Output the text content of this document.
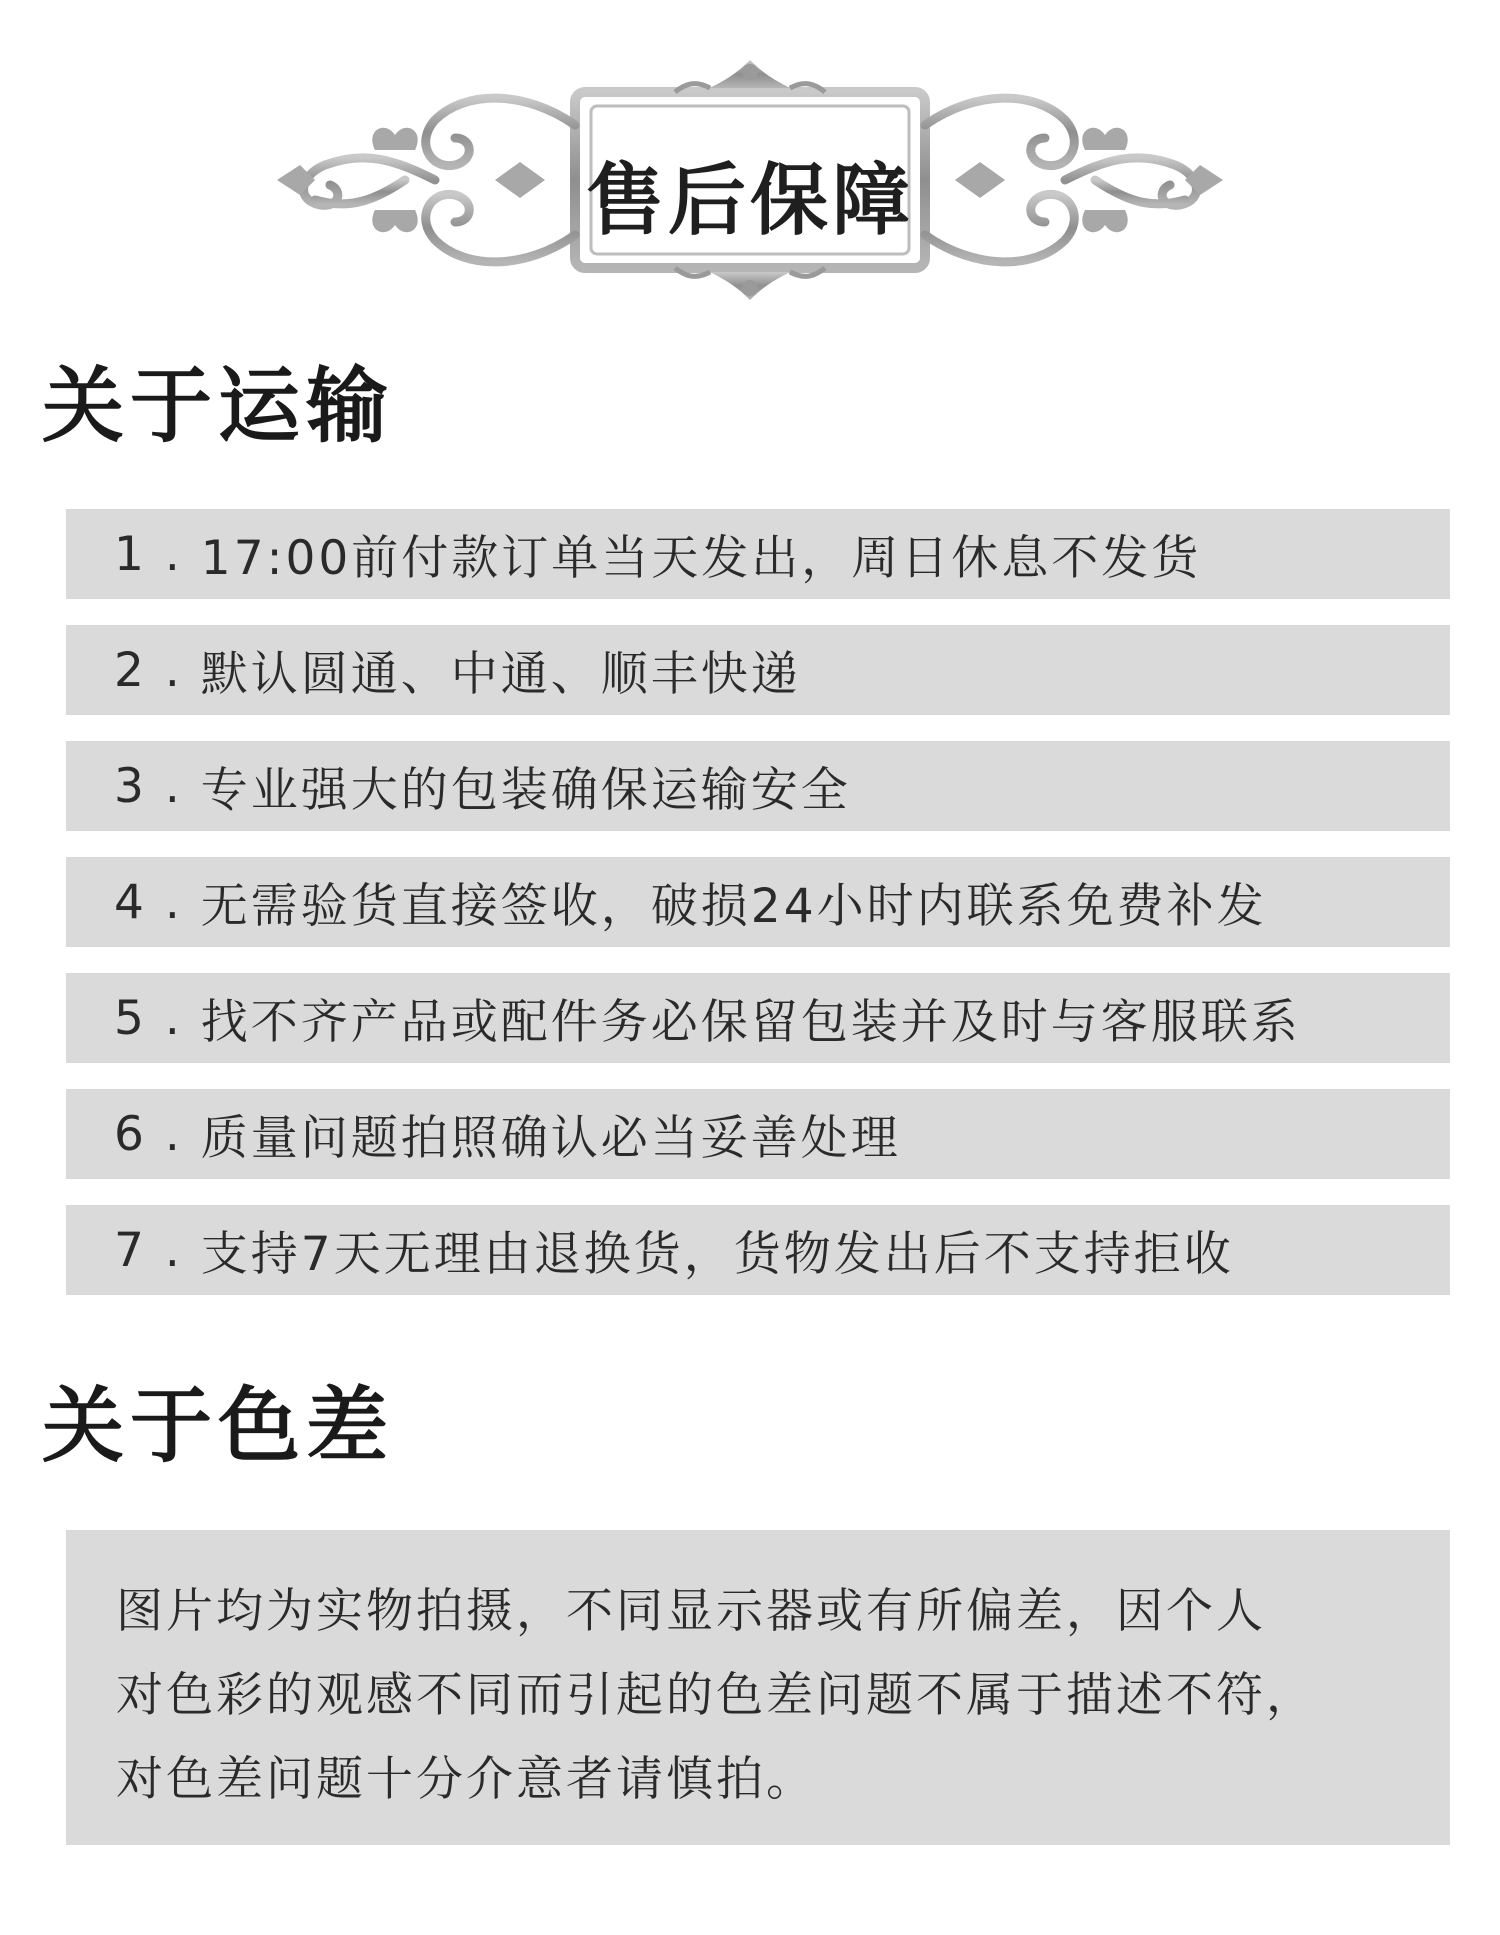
售后保障
关于运输
1 . 17:00前付款订单当天发出，周日休息不发货
2 . 默认圆通、中通、顺丰快递
3 . 专业强大的包装确保运输安全
4 . 无需验货直接签收，破损24小时内联系免费补发
5 . 找不齐产品或配件务必保留包装并及时与客服联系
6 . 质量问题拍照确认必当妥善处理
7 . 支持7天无理由退换货，货物发出后不支持拒收
关于色差
图片均为实物拍摄，不同显示器或有所偏差，因个人
对色彩的观感不同而引起的色差问题不属于描述不符，
对色差问题十分介意者请慎拍。
